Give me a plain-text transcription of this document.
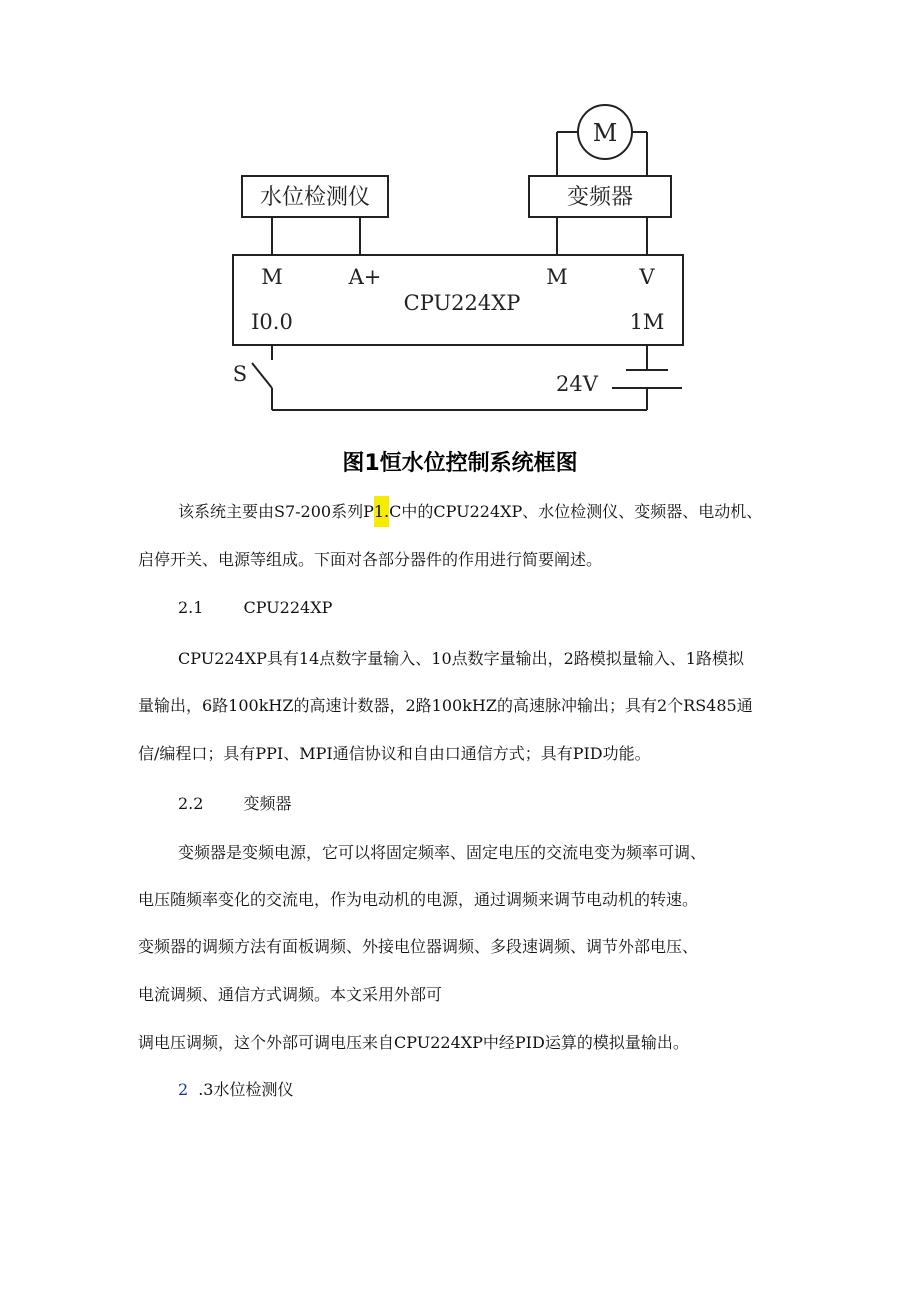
M
水位检测仪	变频器
M	A+	M	V
CPU224XP
I0.0	1M
S	24V
图1恒水位控制系统框图
该系统主要由S7-200系列P1.C中的CPU224XP、水位检测仪、变频器、电动机、
启停开关、电源等组成。下面对各部分器件的作用进行简要阐述。
2.1	CPU224XP
CPU224XP具有14点数字量输入、10点数字量输出，2路模拟量输入、1路模拟
量输出，6路100kHZ的高速计数器，2路100kHZ的高速脉冲输出；具有2个RS485通
信/编程口；具有PPI、MPI通信协议和自由口通信方式；具有PID功能。
2.2	变频器
变频器是变频电源，它可以将固定频率、固定电压的交流电变为频率可调、
电压随频率变化的交流电，作为电动机的电源，通过调频来调节电动机的转速。
变频器的调频方法有面板调频、外接电位器调频、多段速调频、调节外部电压、
电流调频、通信方式调频。本文采用外部可
调电压调频，这个外部可调电压来自CPU224XP中经PID运算的模拟量输出。
2 .3水位检测仪
